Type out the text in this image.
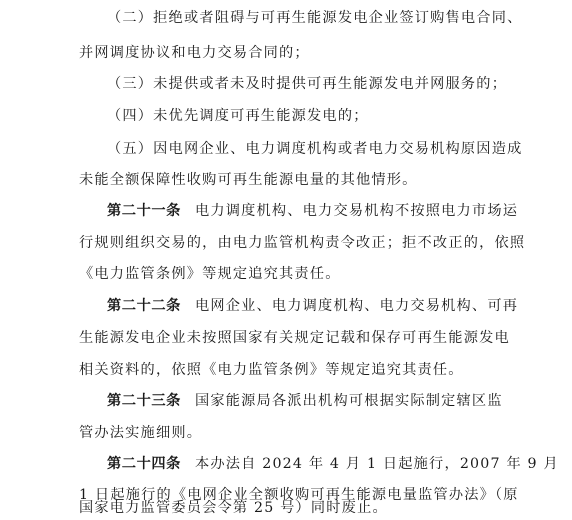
（二）拒绝或者阻碍与可再生能源发电企业签订购售电合同、
并网调度协议和电力交易合同的；
（三）未提供或者未及时提供可再生能源发电并网服务的；
（四）未优先调度可再生能源发电的；
（五）因电网企业、电力调度机构或者电力交易机构原因造成
未能全额保障性收购可再生能源电量的其他情形。
第二十一条 电力调度机构、电力交易机构不按照电力市场运
行规则组织交易的，由电力监管机构责令改正；拒不改正的，依照
《电力监管条例》等规定追究其责任。
第二十二条 电网企业、电力调度机构、电力交易机构、可再
生能源发电企业未按照国家有关规定记载和保存可再生能源发电
相关资料的，依照《电力监管条例》等规定追究其责任。
第二十三条 国家能源局各派出机构可根据实际制定辖区监
管办法实施细则。
第二十四条 本办法自 2024 年 4 月 1 日起施行，2007 年 9 月
1 日起施行的《电网企业全额收购可再生能源电量监管办法》（原
国家电力监管委员会令第 25 号）同时废止。
